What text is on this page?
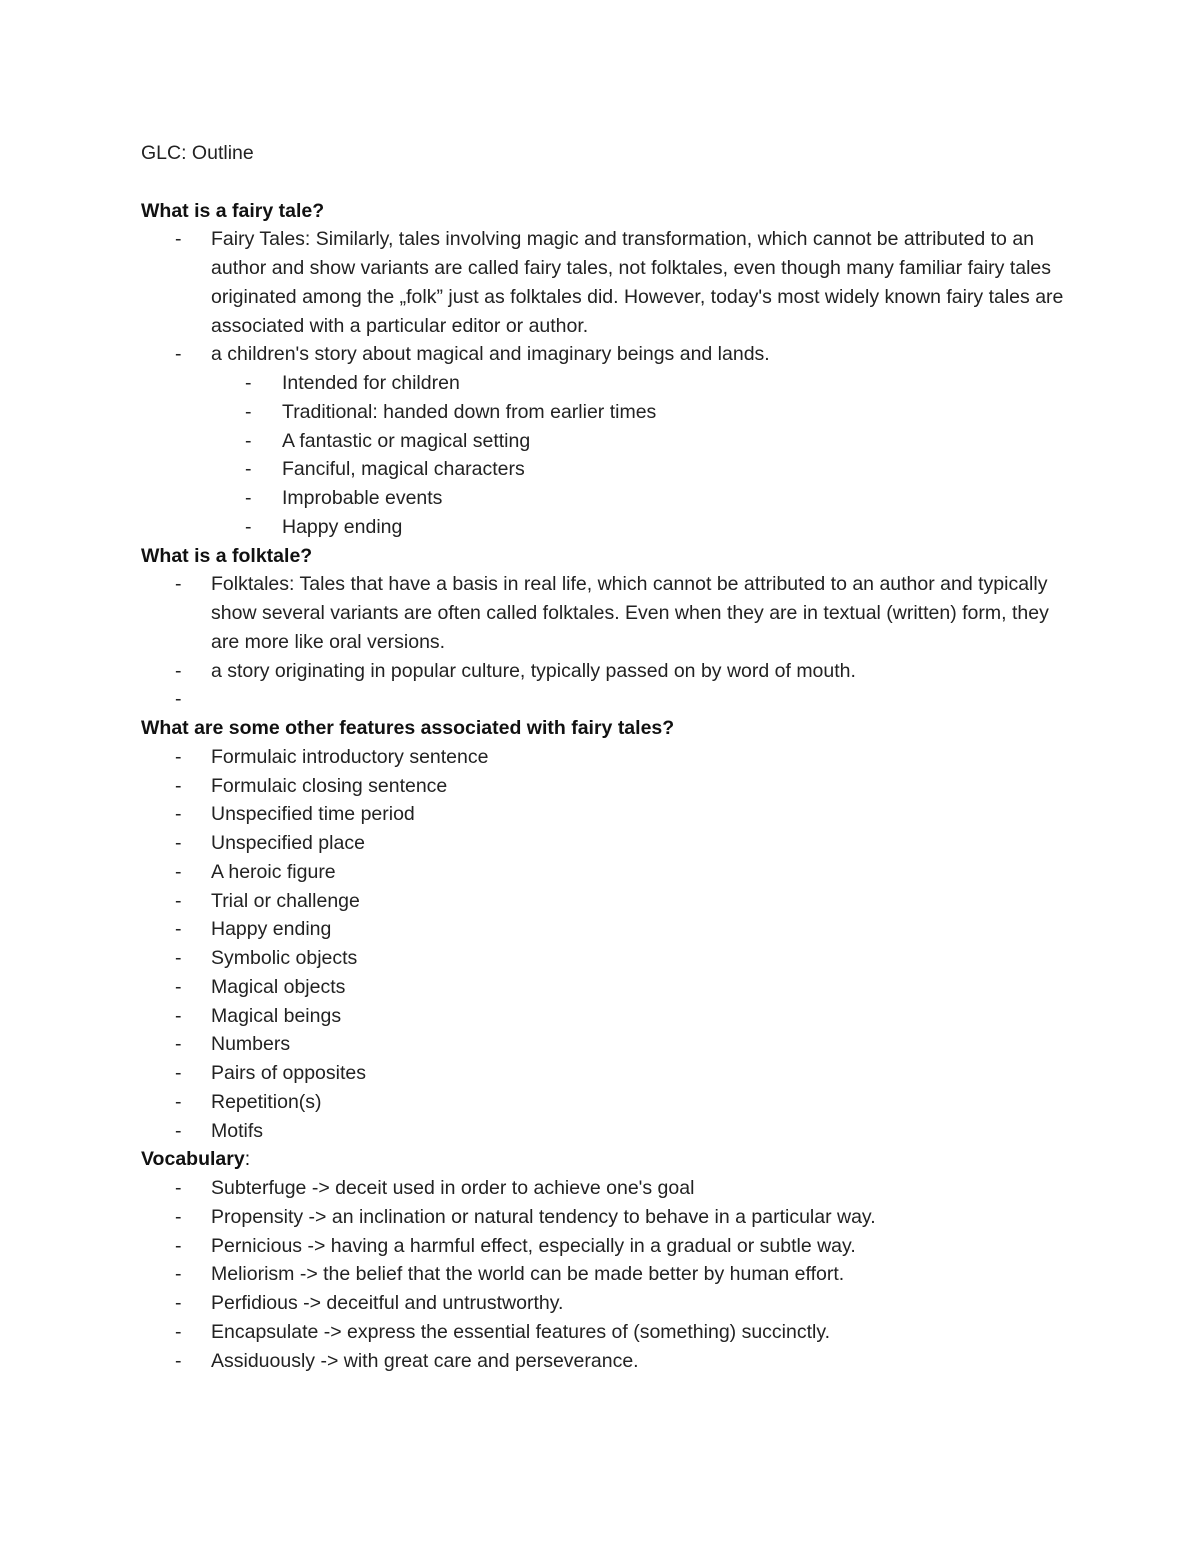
GLC: Outline
What is a fairy tale?
- Fairy Tales: Similarly, tales involving magic and transformation, which cannot be attributed to an author and show variants are called fairy tales, not folktales, even though many familiar fairy tales originated among the „folk” just as folktales did. However, today's most widely known fairy tales are associated with a particular editor or author.
- a children's story about magical and imaginary beings and lands.
- Intended for children
- Traditional: handed down from earlier times
- A fantastic or magical setting
- Fanciful, magical characters
- Improbable events
- Happy ending
What is a folktale?
- Folktales: Tales that have a basis in real life, which cannot be attributed to an author and typically show several variants are often called folktales. Even when they are in textual (written) form, they are more like oral versions.
- a story originating in popular culture, typically passed on by word of mouth.
-
What are some other features associated with fairy tales?
- Formulaic introductory sentence
- Formulaic closing sentence
- Unspecified time period
- Unspecified place
- A heroic figure
- Trial or challenge
- Happy ending
- Symbolic objects
- Magical objects
- Magical beings
- Numbers
- Pairs of opposites
- Repetition(s)
- Motifs
Vocabulary:
- Subterfuge -> deceit used in order to achieve one's goal
- Propensity -> an inclination or natural tendency to behave in a particular way.
- Pernicious -> having a harmful effect, especially in a gradual or subtle way.
- Meliorism -> the belief that the world can be made better by human effort.
- Perfidious -> deceitful and untrustworthy.
- Encapsulate -> express the essential features of (something) succinctly.
- Assiduously -> with great care and perseverance.
